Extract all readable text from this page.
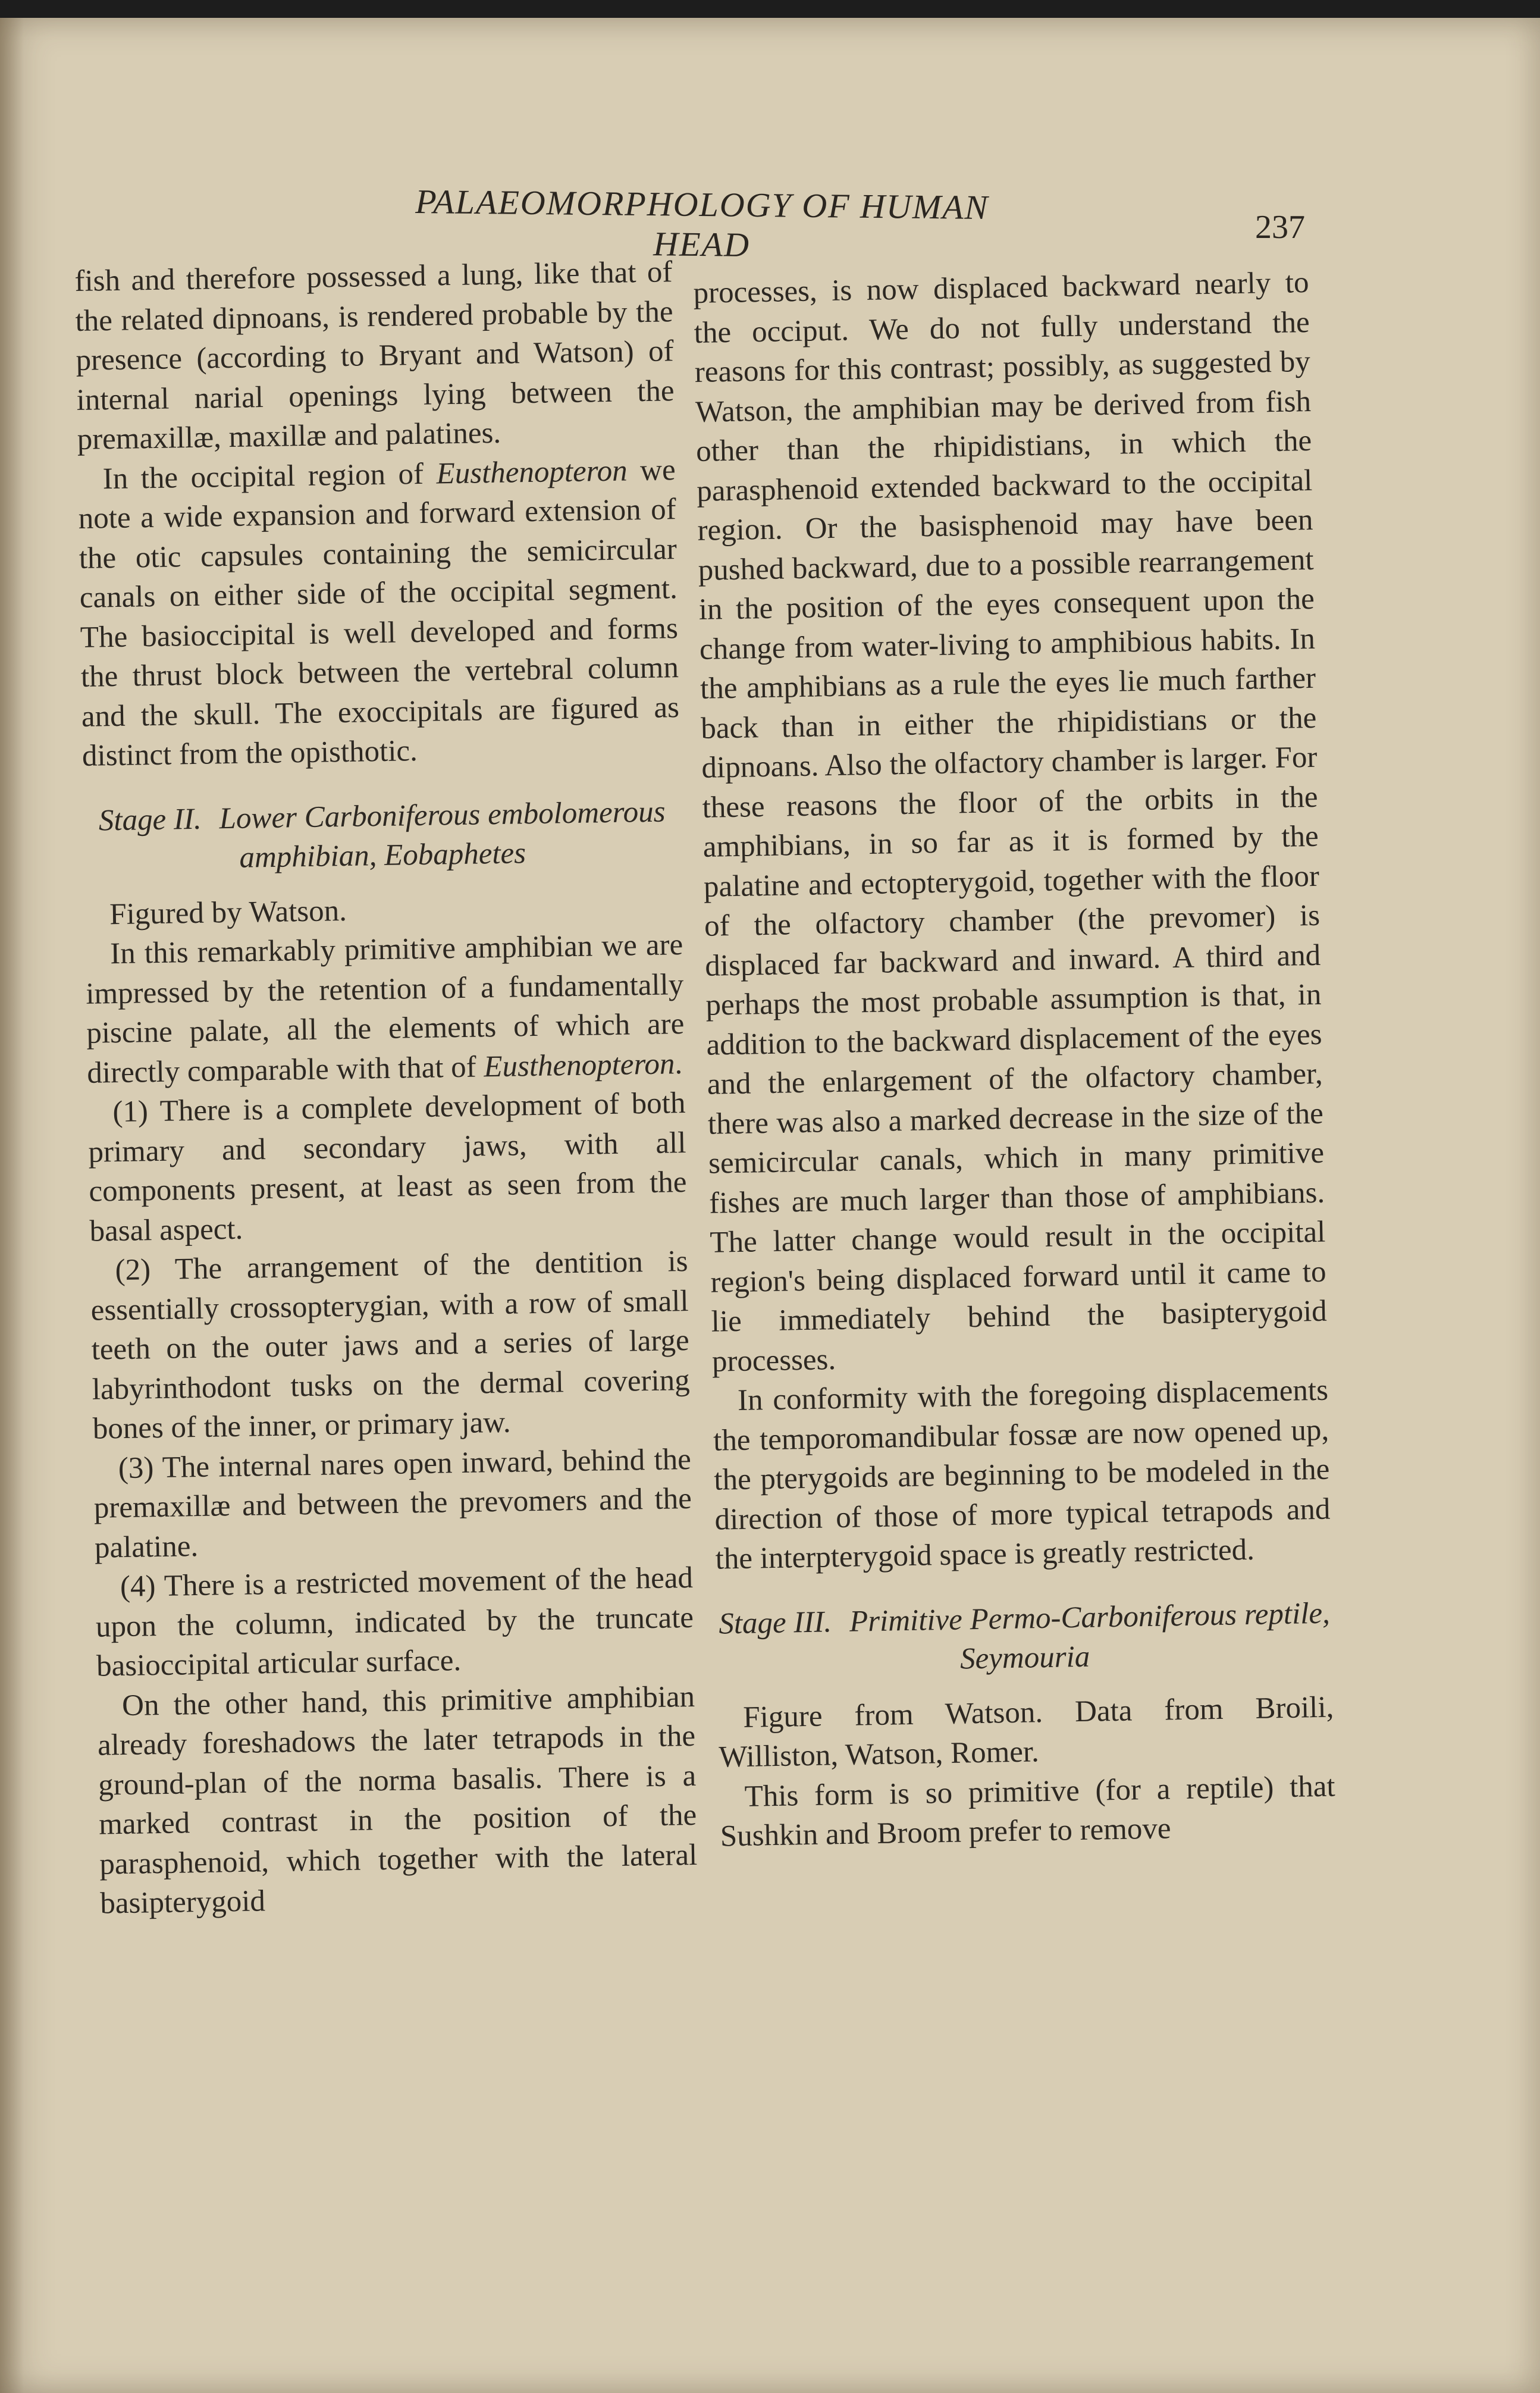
PALAEOMORPHOLOGY OF HUMAN HEAD	237

fish and therefore possessed a lung, like that of the related dipnoans, is rendered probable by the presence (according to Bryant and Watson) of internal narial openings lying between the premaxillæ, maxillæ and palatines.

In the occipital region of Eusthenopteron we note a wide expansion and forward extension of the otic capsules containing the semicircular canals on either side of the occipital segment. The basioccipital is well developed and forms the thrust block between the vertebral column and the skull. The exoccipitals are figured as distinct from the opisthotic.

Stage II. Lower Carboniferous embolomerous amphibian, Eobaphetes

Figured by Watson.

In this remarkably primitive amphibian we are impressed by the retention of a fundamentally piscine palate, all the elements of which are directly comparable with that of Eusthenopteron.

(1) There is a complete development of both primary and secondary jaws, with all components present, at least as seen from the basal aspect.

(2) The arrangement of the dentition is essentially crossopterygian, with a row of small teeth on the outer jaws and a series of large labyrinthodont tusks on the dermal covering bones of the inner, or primary jaw.

(3) The internal nares open inward, behind the premaxillæ and between the prevomers and the palatine.

(4) There is a restricted movement of the head upon the column, indicated by the truncate basioccipital articular surface.

On the other hand, this primitive amphibian already foreshadows the later tetrapods in the ground-plan of the norma basalis. There is a marked contrast in the position of the parasphenoid, which together with the lateral basipterygoid

processes, is now displaced backward nearly to the occiput. We do not fully understand the reasons for this contrast; possibly, as suggested by Watson, the amphibian may be derived from fish other than the rhipidistians, in which the parasphenoid extended backward to the occipital region. Or the basisphenoid may have been pushed backward, due to a possible rearrangement in the position of the eyes consequent upon the change from water-living to amphibious habits. In the amphibians as a rule the eyes lie much farther back than in either the rhipidistians or the dipnoans. Also the olfactory chamber is larger. For these reasons the floor of the orbits in the amphibians, in so far as it is formed by the palatine and ectopterygoid, together with the floor of the olfactory chamber (the prevomer) is displaced far backward and inward. A third and perhaps the most probable assumption is that, in addition to the backward displacement of the eyes and the enlargement of the olfactory chamber, there was also a marked decrease in the size of the semicircular canals, which in many primitive fishes are much larger than those of amphibians. The latter change would result in the occipital region's being displaced forward until it came to lie immediately behind the basipterygoid processes.

In conformity with the foregoing displacements the temporomandibular fossæ are now opened up, the pterygoids are beginning to be modeled in the direction of those of more typical tetrapods and the interpterygoid space is greatly restricted.

Stage III. Primitive Permo-Carboniferous reptile, Seymouria

Figure from Watson. Data from Broili, Williston, Watson, Romer.

This form is so primitive (for a reptile) that Sushkin and Broom prefer to remove
